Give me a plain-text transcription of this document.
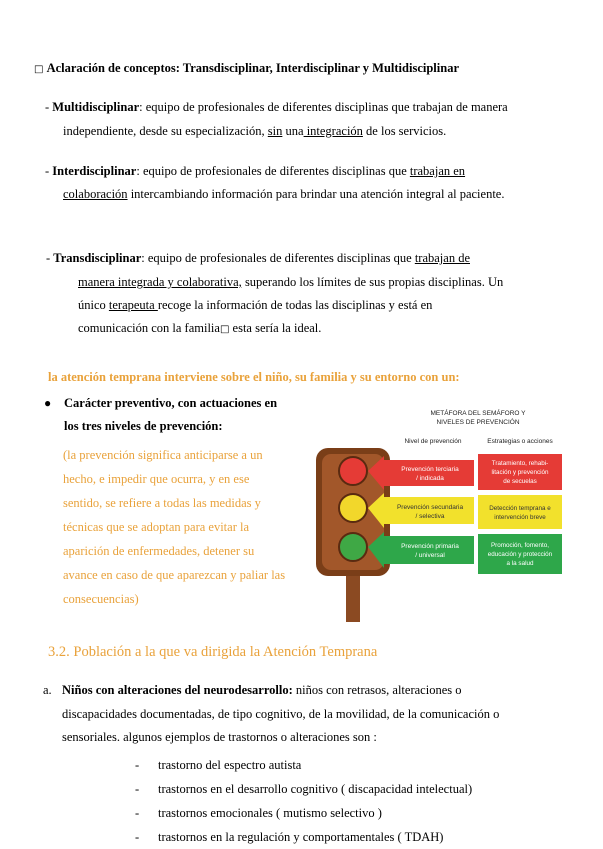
□ Aclaración de conceptos: Transdisciplinar, Interdisciplinar y Multidisciplinar
- Multidisciplinar: equipo de profesionales de diferentes disciplinas que trabajan de manera
independiente, desde su especialización, sin una integración de los servicios.
- Interdisciplinar: equipo de profesionales de diferentes disciplinas que trabajan en
colaboración intercambiando información para brindar una atención integral al paciente.
- Transdisciplinar: equipo de profesionales de diferentes disciplinas que trabajan de
manera integrada y colaborativa, superando los límites de sus propias disciplinas. Un
único terapeuta recoge la información de todas las disciplinas y está en
comunicación con la familia□ esta sería la ideal.
la atención temprana interviene sobre el niño, su familia y su entorno con un:
● Carácter preventivo, con actuaciones en
los tres niveles de prevención:
(la prevención significa anticiparse a un
hecho, e impedir que ocurra, y en ese
sentido, se refiere a todas las medidas y
técnicas que se adoptan para evitar la
aparición de enfermedades, detener su
avance en caso de que aparezcan y paliar las
consecuencias)
METÁFORA DEL SEMÁFORO Y
NIVELES DE PREVENCIÓN
Nivel de prevención	Estrategias o acciones
Prevención terciaria
/ indicada
Prevención secundaria
/ selectiva
Prevención primaria
/ universal
Tratamiento, rehabi-
litación y prevención
de secuelas
Detección temprana e
intervención breve
Promoción, fomento,
educación y protección
a la salud
3.2. Población a la que va dirigida la Atención Temprana
a. Niños con alteraciones del neurodesarrollo: niños con retrasos, alteraciones o
discapacidades documentadas, de tipo cognitivo, de la movilidad, de la comunicación o
sensoriales. algunos ejemplos de trastornos o alteraciones son :
- trastorno del espectro autista
- trastornos en el desarrollo cognitivo ( discapacidad intelectual)
- trastornos emocionales ( mutismo selectivo )
- trastornos en la regulación y comportamentales ( TDAH)
